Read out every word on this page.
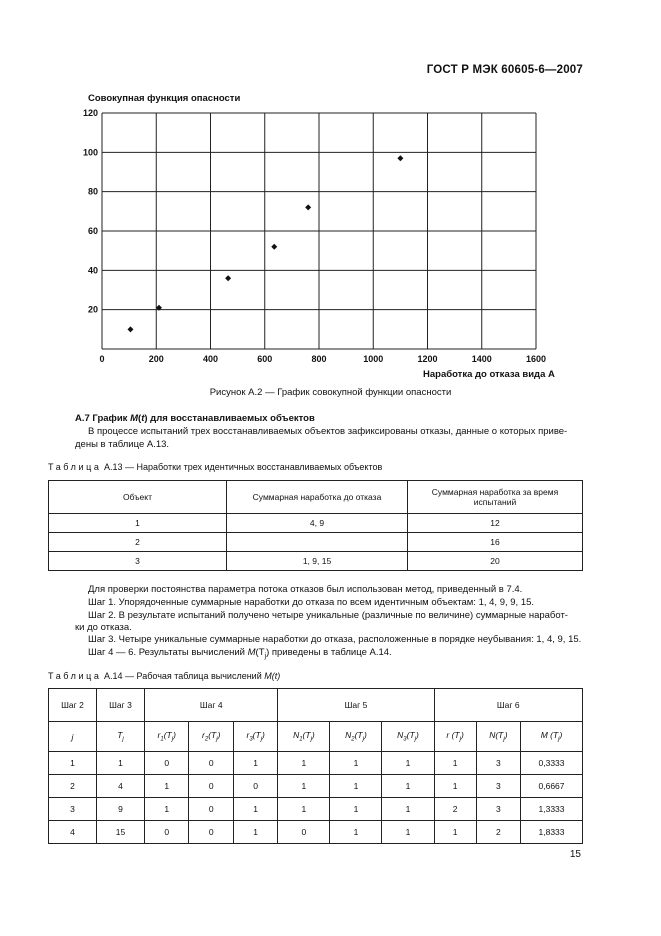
ГОСТ Р МЭК 60605-6—2007
Совокупная функция опасности
0	200	400	600	800	1000	1200	1400	1600
20
40
60
80
100
120
Наработка до отказа вида А
Рисунок А.2 — График совокупной функции опасности
А.7 График M(t) для восстанавливаемых объектов
В процессе испытаний трех восстанавливаемых объектов зафиксированы отказы, данные о которых приве-
дены в таблице А.13.
Таблица А.13 — Наработки трех идентичных восстанавливаемых объектов
Объект	Суммарная наработка до отказа	Суммарная наработка за время испытаний
1	4, 9	12
2		16
3	1, 9, 15	20
Для проверки постоянства параметра потока отказов был использован метод, приведенный в 7.4.
Шаг 1. Упорядоченные суммарные наработки до отказа по всем идентичным объектам: 1, 4, 9, 9, 15.
Шаг 2. В результате испытаний получено четыре уникальные (различные по величине) суммарные наработ-
ки до отказа.
Шаг 3. Четыре уникальные суммарные наработки до отказа, расположенные в порядке неубывания: 1, 4, 9, 15.
Шаг 4 — 6. Результаты вычислений $M(T_j)$ приведены в таблице А.14.
Таблица А.14 — Рабочая таблица вычислений M(t)
Шаг 2	Шаг 3	Шаг 4			Шаг 5			Шаг 6		
j	$T_j$	$r_1(T_j)$	$r_2(T_j)$	$r_3(T_j)$	$N_1(T_j)$	$N_2(T_j)$	$N_3(T_j)$	r $(T_j)$	$N(T_j)$	M $(T_j)$
1	1	0	0	1	1	1	1	1	3	0,3333
2	4	1	0	0	1	1	1	1	3	0,6667
3	9	1	0	1	1	1	1	2	3	1,3333
4	15	0	0	1	0	1	1	1	2	1,8333
15
